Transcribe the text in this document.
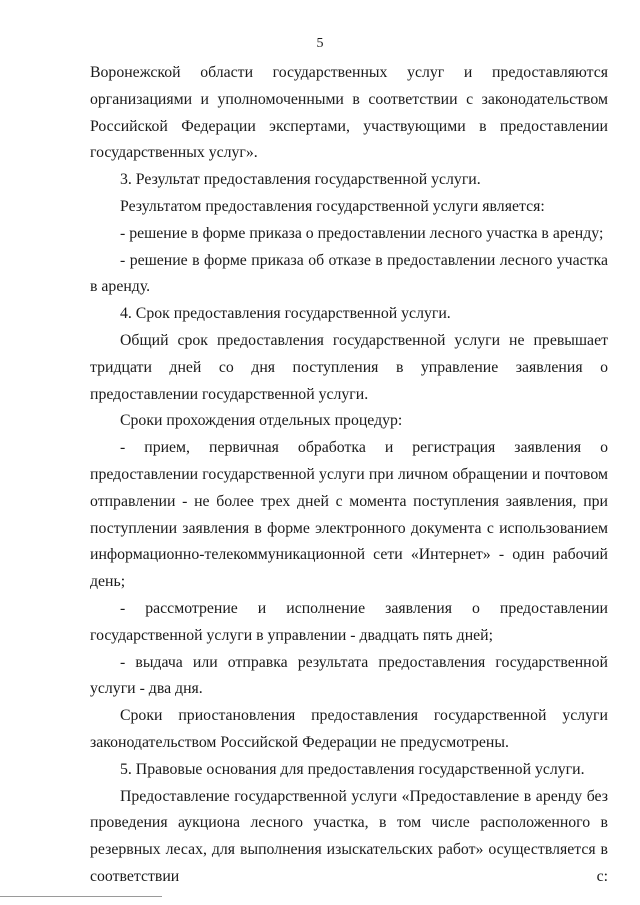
5

Воронежской области государственных услуг и предоставляются организациями и уполномоченными в соответствии с законодательством Российской Федерации экспертами, участвующими в предоставлении государственных услуг».

3. Результат предоставления государственной услуги.

Результатом предоставления государственной услуги является:

- решение в форме приказа о предоставлении лесного участка в аренду;

- решение в форме приказа об отказе в предоставлении лесного участка в аренду.

4. Срок предоставления государственной услуги.

Общий срок предоставления государственной услуги не превышает тридцати дней со дня поступления в управление заявления о предоставлении государственной услуги.

Сроки прохождения отдельных процедур:

- прием, первичная обработка и регистрация заявления о предоставлении государственной услуги при личном обращении и почтовом отправлении - не более трех дней с момента поступления заявления, при поступлении заявления в форме электронного документа с использованием информационно-телекоммуникационной сети «Интернет» - один рабочий день;

- рассмотрение и исполнение заявления о предоставлении государственной услуги в управлении - двадцать пять дней;

- выдача или отправка результата предоставления государственной услуги - два дня.

Сроки приостановления предоставления государственной услуги законодательством Российской Федерации не предусмотрены.

5. Правовые основания для предоставления государственной услуги.

Предоставление государственной услуги «Предоставление в аренду без проведения аукциона лесного участка, в том числе расположенного в резервных лесах, для выполнения изыскательских работ» осуществляется в соответствии с:
